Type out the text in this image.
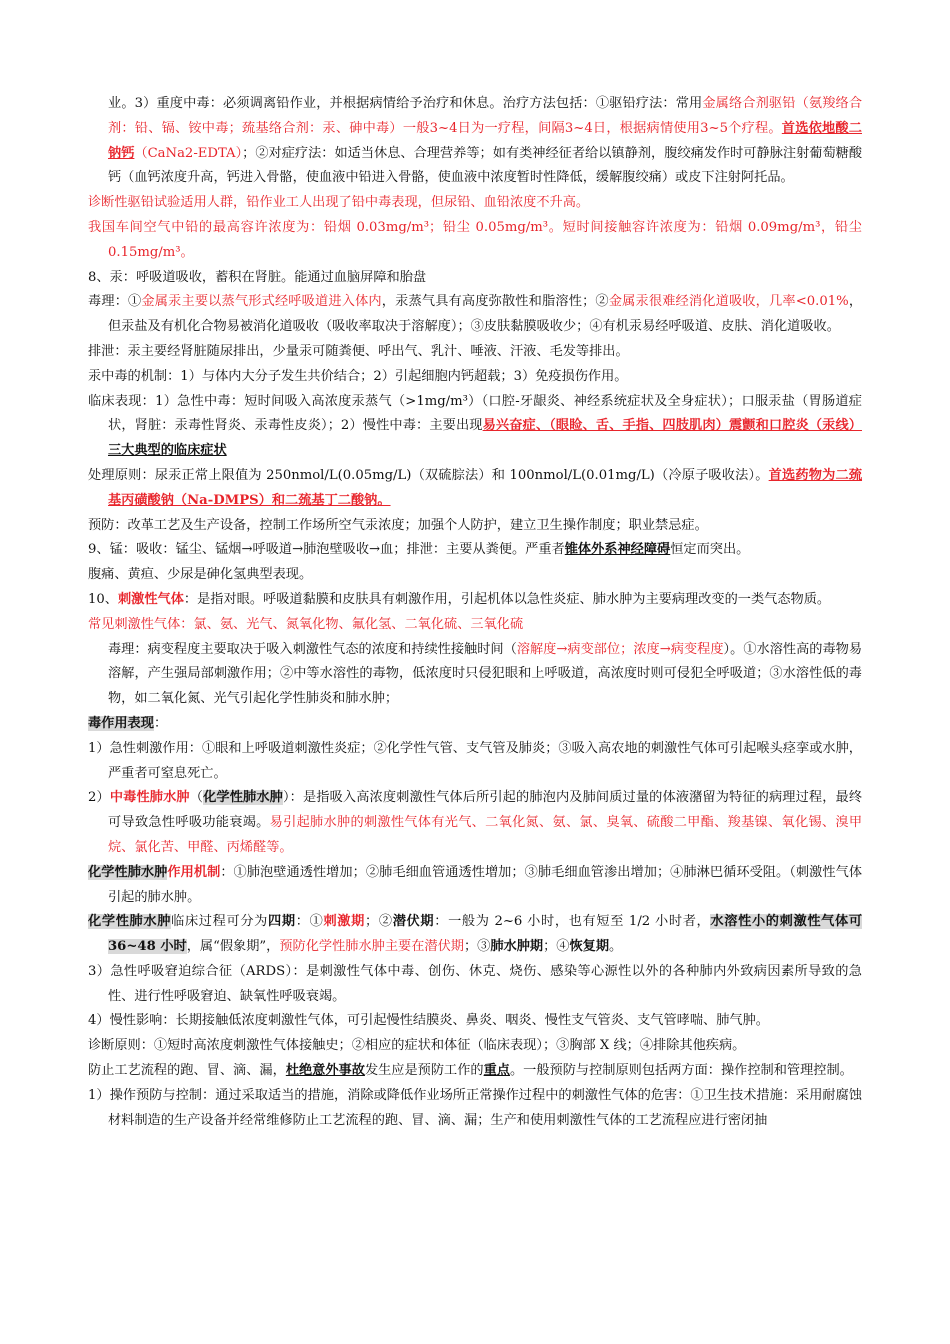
业。3）重度中毒：必须调离铅作业，并根据病情给予治疗和休息。治疗方法包括：①驱铅疗法：常用金属络合剂驱铅（氨羧络合剂：铅、镉、铵中毒；巯基络合剂：汞、砷中毒）一般3~4日为一疗程，间隔3~4日，根据病情使用3~5个疗程。首选依地酸二钠钙（CaNa2-EDTA）；②对症疗法：如适当休息、合理营养等；如有类神经征者给以镇静剂，腹绞痛发作时可静脉注射葡萄糖酸钙（血钙浓度升高，钙进入骨骼，使血液中铅进入骨骼，使血液中浓度暂时性降低，缓解腹绞痛）或皮下注射阿托品。

诊断性驱铅试验适用人群，铅作业工人出现了铅中毒表现，但尿铅、血铅浓度不升高。

我国车间空气中铅的最高容许浓度为：铅烟 0.03mg/m³；铅尘 0.05mg/m³。短时间接触容许浓度为：铅烟 0.09mg/m³，铅尘 0.15mg/m³。

8、汞：呼吸道吸收，蓄积在肾脏。能通过血脑屏障和胎盘

毒理：①金属汞主要以蒸气形式经呼吸道进入体内，汞蒸气具有高度弥散性和脂溶性；②金属汞很难经消化道吸收，几率<0.01%，但汞盐及有机化合物易被消化道吸收（吸收率取决于溶解度）；③皮肤黏膜吸收少；④有机汞易经呼吸道、皮肤、消化道吸收。

排泄：汞主要经肾脏随尿排出，少量汞可随粪便、呼出气、乳汁、唾液、汗液、毛发等排出。

汞中毒的机制：1）与体内大分子发生共价结合；2）引起细胞内钙超载；3）免疫损伤作用。

临床表现：1）急性中毒：短时间吸入高浓度汞蒸气（>1mg/m³）（口腔-牙龈炎、神经系统症状及全身症状）；口服汞盐（胃肠道症状，肾脏：汞毒性肾炎、汞毒性皮炎）；2）慢性中毒：主要出现易兴奋症、（眼睑、舌、手指、四肢肌肉）震颤和口腔炎（汞线）三大典型的临床症状

处理原则：尿汞正常上限值为 250nmol/L(0.05mg/L)（双硫腙法）和 100nmol/L(0.01mg/L)（冷原子吸收法）。首选药物为二巯基丙磺酸钠（Na-DMPS）和二巯基丁二酸钠。

预防：改革工艺及生产设备，控制工作场所空气汞浓度；加强个人防护，建立卫生操作制度；职业禁忌症。

9、锰：吸收：锰尘、锰烟→呼吸道→肺泡壁吸收→血；排泄：主要从粪便。严重者锥体外系神经障碍恒定而突出。

腹痛、黄疸、少尿是砷化氢典型表现。

10、刺激性气体：是指对眼。呼吸道黏膜和皮肤具有刺激作用，引起机体以急性炎症、肺水肿为主要病理改变的一类气态物质。

常见刺激性气体：氯、氨、光气、氮氧化物、氟化氢、二氧化硫、三氧化硫

毒理：病变程度主要取决于吸入刺激性气态的浓度和持续性接触时间（溶解度→病变部位；浓度→病变程度）。①水溶性高的毒物易溶解，产生强局部刺激作用；②中等水溶性的毒物，低浓度时只侵犯眼和上呼吸道，高浓度时则可侵犯全呼吸道；③水溶性低的毒物，如二氧化氮、光气引起化学性肺炎和肺水肿；

毒作用表现：

1）急性刺激作用：①眼和上呼吸道刺激性炎症；②化学性气管、支气管及肺炎；③吸入高农地的刺激性气体可引起喉头痉挛或水肿，严重者可窒息死亡。

2）中毒性肺水肿（化学性肺水肿）：是指吸入高浓度刺激性气体后所引起的肺泡内及肺间质过量的体液潴留为特征的病理过程，最终可导致急性呼吸功能衰竭。易引起肺水肿的刺激性气体有光气、二氧化氮、氨、氯、臭氧、硫酸二甲酯、羧基镍、氧化锡、溴甲烷、氯化苦、甲醛、丙烯醛等。

化学性肺水肿作用机制：①肺泡壁通透性增加；②肺毛细血管通透性增加；③肺毛细血管渗出增加；④肺淋巴循环受阻。（刺激性气体引起的肺水肿。

化学性肺水肿临床过程可分为四期：①刺激期；②潜伏期：一般为 2~6 小时，也有短至 1/2 小时者，水溶性小的刺激性气体可 36~48 小时，属“假象期”，预防化学性肺水肿主要在潜伏期；③肺水肿期；④恢复期。

3）急性呼吸窘迫综合征（ARDS）：是刺激性气体中毒、创伤、休克、烧伤、感染等心源性以外的各种肺内外致病因素所导致的急性、进行性呼吸窘迫、缺氧性呼吸衰竭。

4）慢性影响：长期接触低浓度刺激性气体，可引起慢性结膜炎、鼻炎、咽炎、慢性支气管炎、支气管哮喘、肺气肿。

诊断原则：①短时高浓度刺激性气体接触史；②相应的症状和体征（临床表现）；③胸部 X 线；④排除其他疾病。

防止工艺流程的跑、冒、滴、漏，杜绝意外事故发生应是预防工作的重点。一般预防与控制原则包括两方面：操作控制和管理控制。

1）操作预防与控制：通过采取适当的措施，消除或降低作业场所正常操作过程中的刺激性气体的危害：①卫生技术措施：采用耐腐蚀材料制造的生产设备并经常维修防止工艺流程的跑、冒、滴、漏；生产和使用刺激性气体的工艺流程应进行密闭抽
